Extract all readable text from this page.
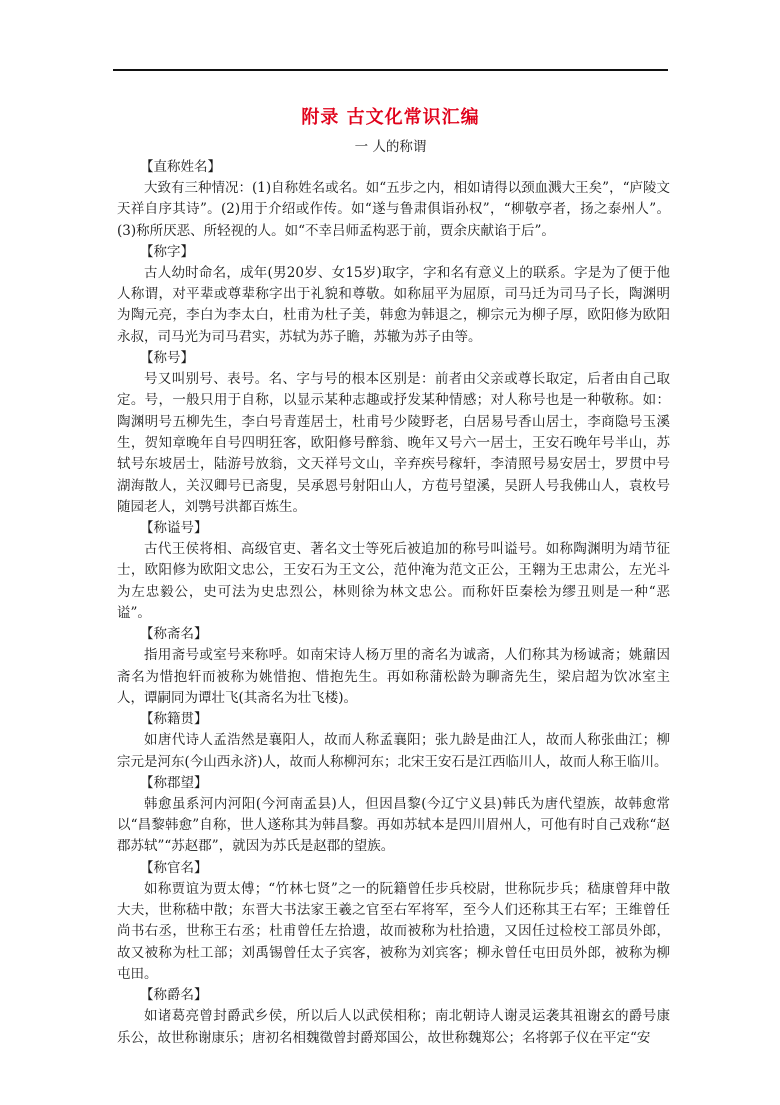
附录 古文化常识汇编
一 人的称谓

【直称姓名】

大致有三种情况：(1)自称姓名或名。如“五步之内，相如请得以颈血溅大王矣”，“庐陵文天祥自序其诗”。(2)用于介绍或作传。如“遂与鲁肃俱诣孙权”，“柳敬亭者，扬之泰州人”。(3)称所厌恶、所轻视的人。如“不幸吕师孟构恶于前，贾余庆献谄于后”。

【称字】

古人幼时命名，成年(男20岁、女15岁)取字，字和名有意义上的联系。字是为了便于他人称谓，对平辈或尊辈称字出于礼貌和尊敬。如称屈平为屈原，司马迁为司马子长，陶渊明为陶元亮，李白为李太白，杜甫为杜子美，韩愈为韩退之，柳宗元为柳子厚，欧阳修为欧阳永叔，司马光为司马君实，苏轼为苏子瞻，苏辙为苏子由等。

【称号】

号又叫别号、表号。名、字与号的根本区别是：前者由父亲或尊长取定，后者由自己取定。号，一般只用于自称，以显示某种志趣或抒发某种情感；对人称号也是一种敬称。如：陶渊明号五柳先生，李白号青莲居士，杜甫号少陵野老，白居易号香山居士，李商隐号玉溪生，贺知章晚年自号四明狂客，欧阳修号醉翁、晚年又号六一居士，王安石晚年号半山，苏轼号东坡居士，陆游号放翁，文天祥号文山，辛弃疾号稼轩，李清照号易安居士，罗贯中号湖海散人，关汉卿号已斋叟，吴承恩号射阳山人，方苞号望溪，吴趼人号我佛山人，袁枚号随园老人，刘鹗号洪都百炼生。

【称谥号】

古代王侯将相、高级官吏、著名文士等死后被追加的称号叫谥号。如称陶渊明为靖节征士，欧阳修为欧阳文忠公，王安石为王文公，范仲淹为范文正公，王翱为王忠肃公，左光斗为左忠毅公，史可法为史忠烈公，林则徐为林文忠公。而称奸臣秦桧为缪丑则是一种“恶谥”。

【称斋名】

指用斋号或室号来称呼。如南宋诗人杨万里的斋名为诚斋，人们称其为杨诚斋；姚鼐因斋名为惜抱轩而被称为姚惜抱、惜抱先生。再如称蒲松龄为聊斋先生，梁启超为饮冰室主人，谭嗣同为谭壮飞(其斋名为壮飞楼)。

【称籍贯】

如唐代诗人孟浩然是襄阳人，故而人称孟襄阳；张九龄是曲江人，故而人称张曲江；柳宗元是河东(今山西永济)人，故而人称柳河东；北宋王安石是江西临川人，故而人称王临川。

【称郡望】

韩愈虽系河内河阳(今河南孟县)人，但因昌黎(今辽宁义县)韩氏为唐代望族，故韩愈常以“昌黎韩愈”自称，世人遂称其为韩昌黎。再如苏轼本是四川眉州人，可他有时自己戏称“赵郡苏轼”“苏赵郡”，就因为苏氏是赵郡的望族。

【称官名】

如称贾谊为贾太傅；“竹林七贤”之一的阮籍曾任步兵校尉，世称阮步兵；嵇康曾拜中散大夫，世称嵇中散；东晋大书法家王羲之官至右军将军，至今人们还称其王右军；王维曾任尚书右丞，世称王右丞；杜甫曾任左拾遗，故而被称为杜拾遗，又因任过检校工部员外郎，故又被称为杜工部；刘禹锡曾任太子宾客，被称为刘宾客；柳永曾任屯田员外郎，被称为柳屯田。

【称爵名】

如诸葛亮曾封爵武乡侯，所以后人以武侯相称；南北朝诗人谢灵运袭其祖谢玄的爵号康乐公，故世称谢康乐；唐初名相魏徵曾封爵郑国公，故世称魏郑公；名将郭子仪在平定“安
